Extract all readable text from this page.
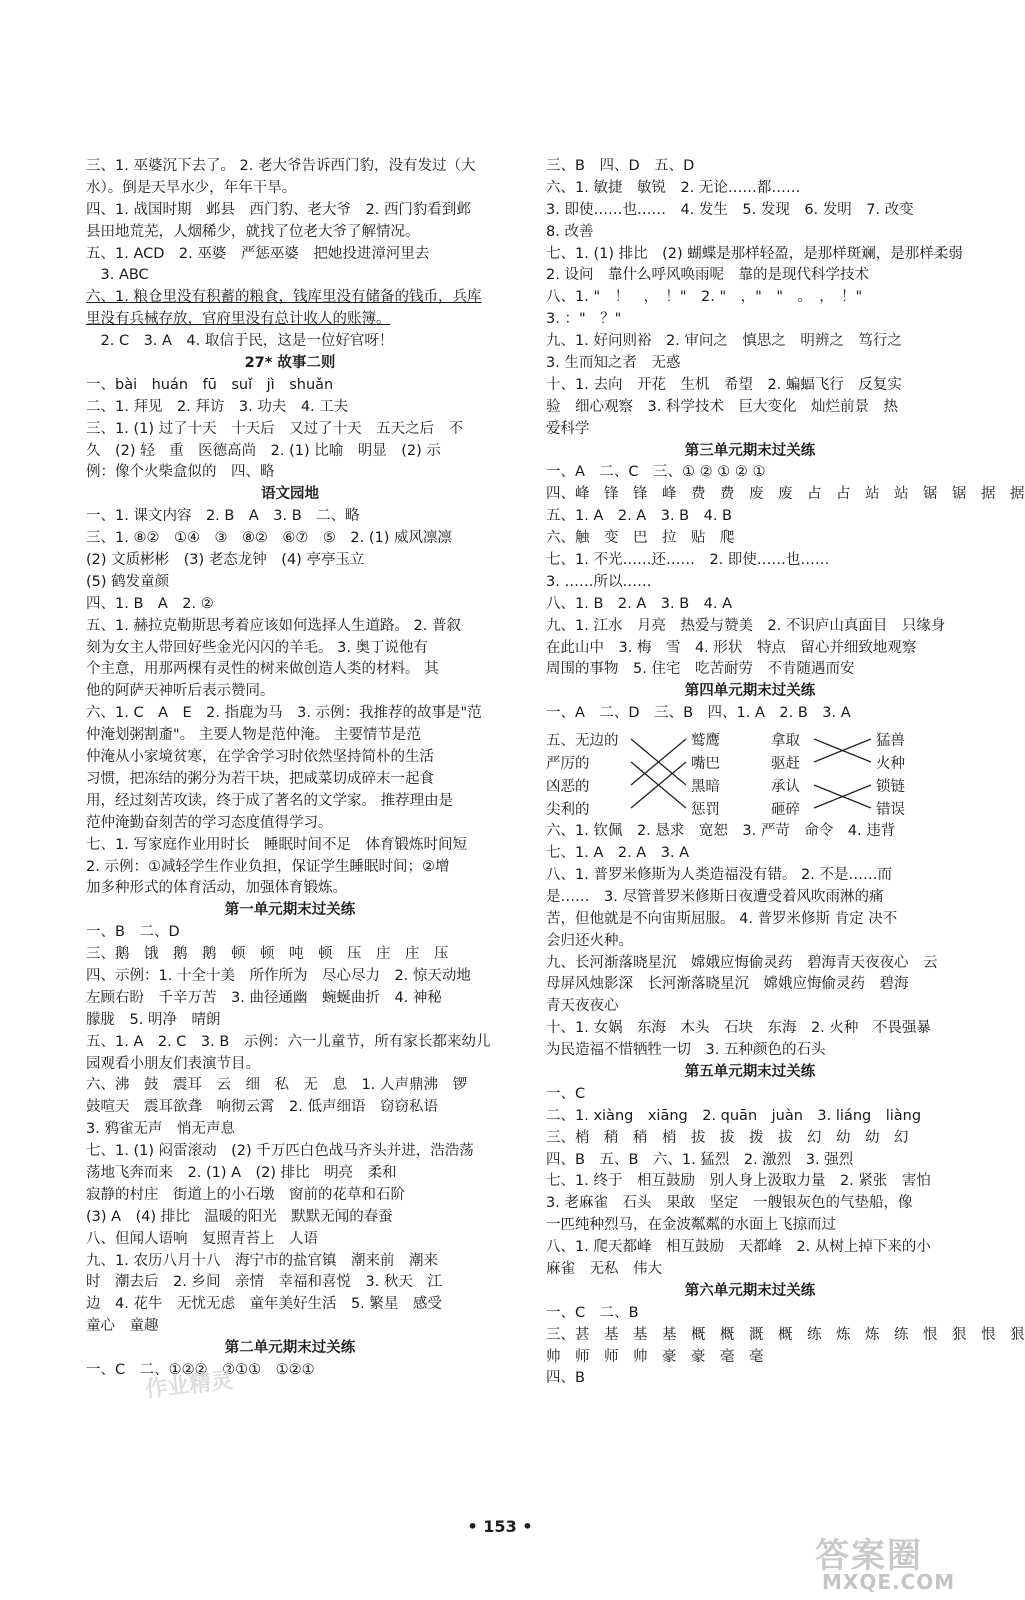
三、1. 巫婆沉下去了。 2. 老大爷告诉西门豹，没有发过（大
水）。倒是天旱水少，年年干旱。
四、1. 战国时期　邺县　西门豹、老大爷　2. 西门豹看到邺
县田地荒芜，人烟稀少，就找了位老大爷了解情况。
五、1. ACD　2. 巫婆　严惩巫婆　把她投进漳河里去
　3. ABC
六、1. 粮仓里没有积蓄的粮食，钱库里没有储备的钱币，兵库
里没有兵械存放，官府里没有总计收人的账簿。
　2. C　3. A　4. 取信于民，这是一位好官呀！
27* 故事二则
一、bài　huán　fū　suǐ　jì　shuǎn
二、1. 拜见　2. 拜访　3. 功夫　4. 工夫
三、1. (1) 过了十天　十天后　又过了十天　五天之后　不
久　(2) 轻　重　医德高尚　2. (1) 比喻　明显　(2) 示
例：像个火柴盒似的　四、略
语文园地
一、1. 课文内容　2. B　A　3. B　二、略
三、1. ⑧②　①④　③　⑧②　⑥⑦　⑤　2. (1) 威风凛凛
(2) 文质彬彬　(3) 老态龙钟　(4) 亭亭玉立
(5) 鹤发童颜
四、1. B　A　2. ②
五、1. 赫拉克勒斯思考着应该如何选择人生道路。 2. 普叙
刻为女主人带回好些金光闪闪的羊毛。 3. 奥丁说他有
个主意，用那两棵有灵性的树来做创造人类的材料。 其
他的阿萨天神听后表示赞同。
六、1. C　A　E　2. 指鹿为马　3. 示例：我推荐的故事是"范
仲淹划粥割齑"。 主要人物是范仲淹。 主要情节是范
仲淹从小家境贫寒，在学舍学习时依然坚持简朴的生活
习惯，把冻结的粥分为若干块，把咸菜切成碎末一起食
用，经过刻苦攻读，终于成了著名的文学家。 推荐理由是
范仲淹勤奋刻苦的学习态度值得学习。
七、1. 写家庭作业用时长　睡眠时间不足　体育锻炼时间短
2. 示例：①减轻学生作业负担，保证学生睡眠时间；②增
加多种形式的体育活动，加强体育锻炼。
第一单元期末过关练
一、B　二、D
三、鹅　饿　鹅　鹅　顿　顿　吨　顿　压　庄　庄　压
四、示例：1. 十全十美　所作所为　尽心尽力　2. 惊天动地
左顾右盼　千辛万苦　3. 曲径通幽　蜿蜒曲折　4. 神秘
朦胧　5. 明净　晴朗
五、1. A　2. C　3. B　示例：六一儿童节，所有家长都来幼儿
园观看小朋友们表演节目。
六、沸　鼓　震耳　云　细　私　无　息　1. 人声鼎沸　锣
鼓喧天　震耳欲聋　响彻云霄　2. 低声细语　窃窃私语
3. 鸦雀无声　悄无声息
七、1. (1) 闷雷滚动　(2) 千万匹白色战马齐头并进，浩浩荡
荡地飞奔而来　2. (1) A　(2) 排比　明亮　柔和
寂静的村庄　街道上的小石墩　窗前的花草和石阶
(3) A　(4) 排比　温暖的阳光　默默无闻的春蚕
八、但闻人语响　复照青苔上　人语
九、1. 农历八月十八　海宁市的盐官镇　潮来前　潮来
时　潮去后　2. 乡间　亲情　幸福和喜悦　3. 秋天　江
边　4. 花牛　无忧无虑　童年美好生活　5. 繁星　感受
童心　童趣
第二单元期末过关练
一、C　二、①②②　②①①　①②①
三、B　四、D　五、D
六、1. 敏捷　敏锐　2. 无论……都……
3. 即使……也……　4. 发生　5. 发现　6. 发明　7. 改变
8. 改善
七、1. (1) 排比　(2) 蝴蝶是那样轻盈，是那样斑斓，是那样柔弱
2. 设问　靠什么呼风唤雨呢　靠的是现代科学技术
八、1. "　！　，　！"　2. "　，"　"　。　，　！"
3. ："　？"
九、1. 好问则裕　2. 审问之　慎思之　明辨之　笃行之
3. 生而知之者　无惑
十、1. 去向　开花　生机　希望　2. 蝙蝠飞行　反复实
验　细心观察　3. 科学技术　巨大变化　灿烂前景　热
爱科学
第三单元期末过关练
一、A　二、C　三、① ② ① ② ①
四、峰　锋　锋　峰　费　费　废　废　占　占　站　站　锯　锯　据　据
五、1. A　2. A　3. B　4. B
六、触　变　巴　拉　贴　爬
七、1. 不光……还……　2. 即使……也……
3. ……所以……
八、1. B　2. A　3. B　4. A
九、1. 江水　月亮　热爱与赞美　2. 不识庐山真面目　只缘身
在此山中　3. 梅　雪　4. 形状　特点　留心并细致地观察
周围的事物　5. 住宅　吃苦耐劳　不肯随遇而安
第四单元期末过关练
一、A　二、D　三、B　四、1. A　2. B　3. A
五、无边的
严厉的
凶恶的
尖利的
鹫鹰
嘴巴
黑暗
惩罚
拿取
驱赶
承认
砸碎
猛兽
火种
锁链
错误
六、1. 钦佩　2. 恳求　宽恕　3. 严苛　命令　4. 违背
七、1. A　2. A　3. A
八、1. 普罗米修斯为人类造福没有错。 2. 不是……而
是……　3. 尽管普罗米修斯日夜遭受着风吹雨淋的痛
苦，但他就是不向宙斯屈服。 4. 普罗米修斯 肯定 决不
会归还火种。
九、长河渐落晓星沉　嫦娥应悔偷灵药　碧海青天夜夜心　云
母屏风烛影深　长河渐落晓星沉　嫦娥应悔偷灵药　碧海
青天夜夜心
十、1. 女娲　东海　木头　石块　东海　2. 火种　不畏强暴
为民造福不惜牺牲一切　3. 五种颜色的石头
第五单元期末过关练
一、C
二、1. xiàng　xiāng　2. quān　juàn　3. liáng　liàng
三、梢　稍　稍　梢　拔　拔　拨　拔　幻　幼　幼　幻
四、B　五、B　六、1. 猛烈　2. 激烈　3. 强烈
七、1. 终于　相互鼓励　别人身上汲取力量　2. 紧张　害怕
3. 老麻雀　石头　果敢　坚定　一艘银灰色的气垫船，像
一匹纯种烈马，在金波粼粼的水面上飞掠而过
八、1. 爬天都峰　相互鼓励　天都峰　2. 从树上掉下来的小
麻雀　无私　伟大
第六单元期末过关练
一、C　二、B
三、甚　基　基　基　概　概　溉　概　练　炼　炼　练　恨　狠　恨　狠
帅　师　师　帅　豪　豪　毫　毫
四、B
• 153 •
作业精灵
答案圈
MXQE.COM
